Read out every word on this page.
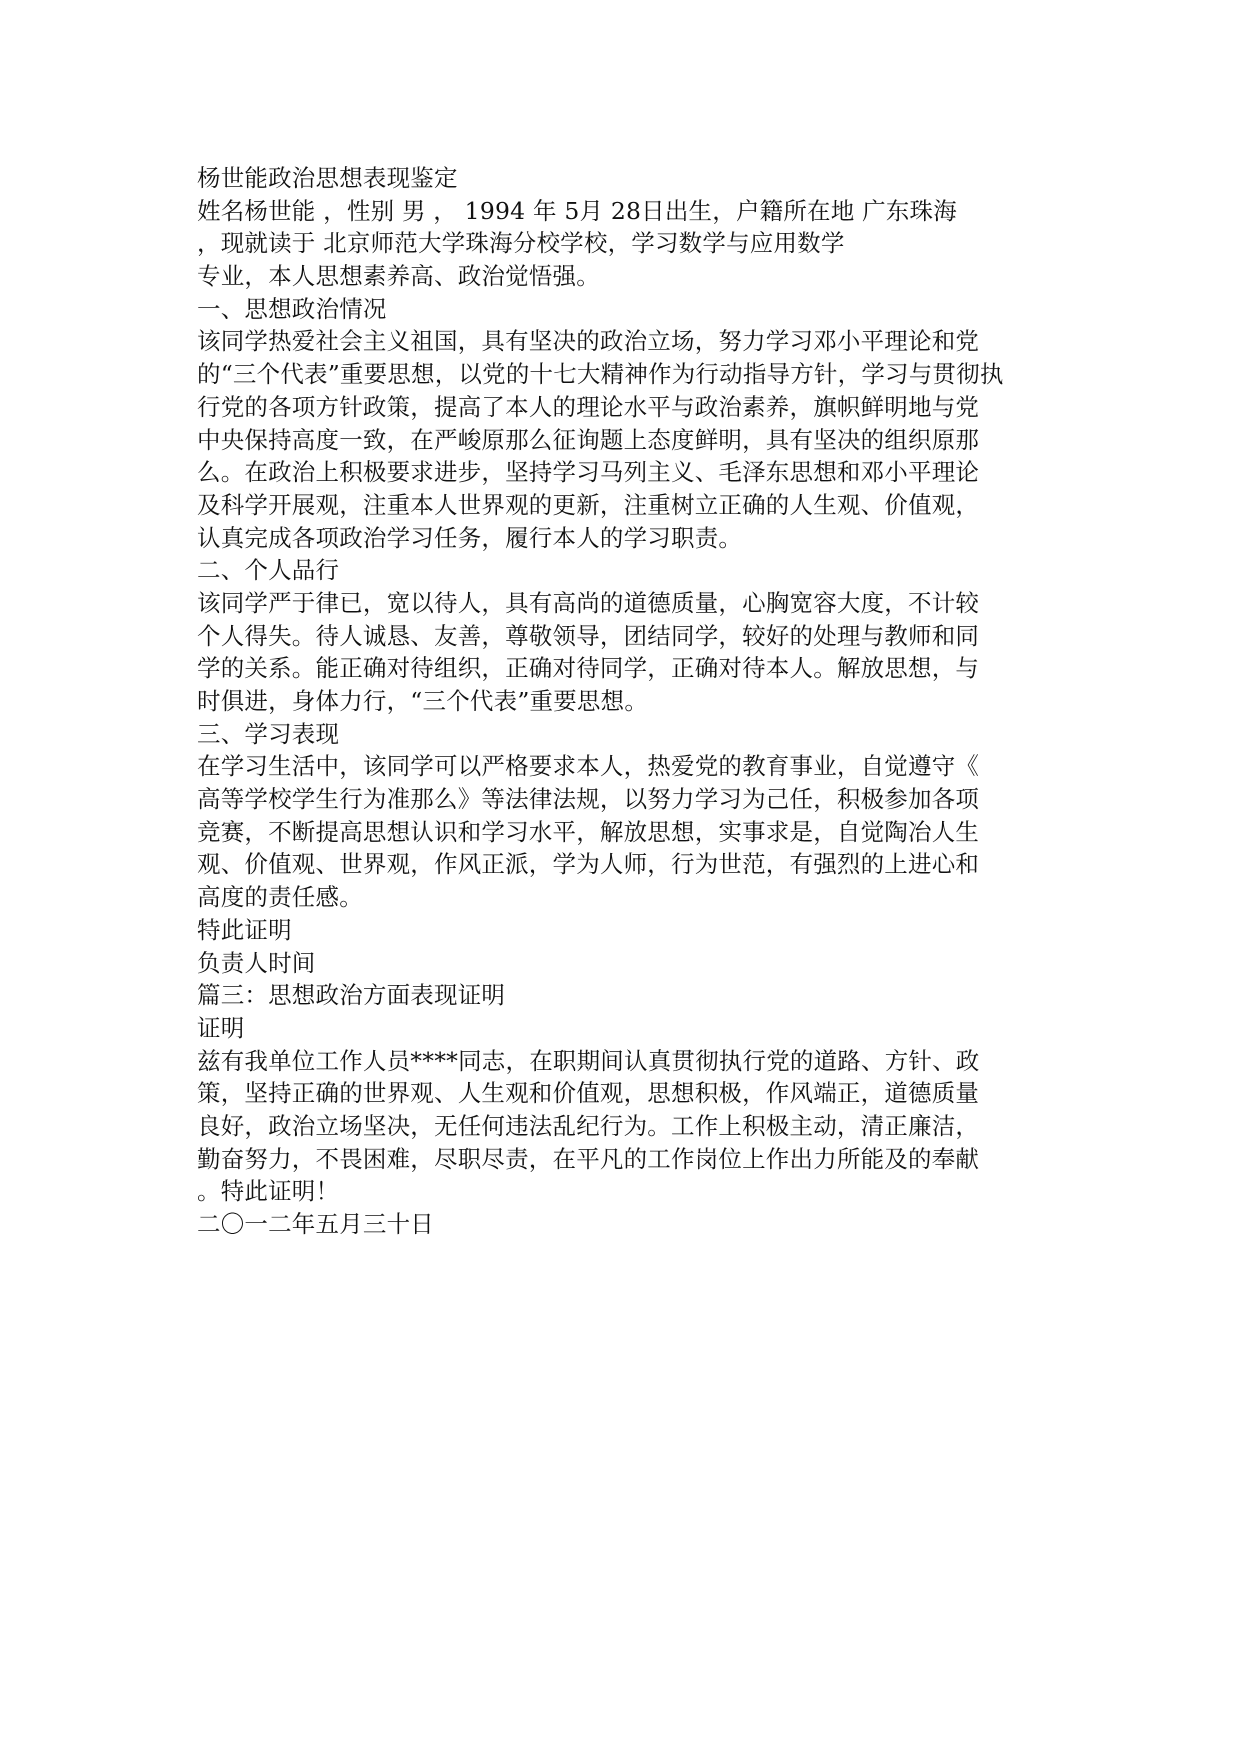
杨世能政治思想表现鉴定
姓名杨世能 ，性别 男 ， 1994 年 5月 28日出生，户籍所在地 广东珠海
，现就读于 北京师范大学珠海分校学校，学习数学与应用数学
专业，本人思想素养高、政治觉悟强。
一、思想政治情况
该同学热爱社会主义祖国，具有坚决的政治立场，努力学习邓小平理论和党
的“三个代表”重要思想，以党的十七大精神作为行动指导方针，学习与贯彻执
行党的各项方针政策，提高了本人的理论水平与政治素养，旗帜鲜明地与党
中央保持高度一致，在严峻原那么征询题上态度鲜明，具有坚决的组织原那
么。在政治上积极要求进步，坚持学习马列主义、毛泽东思想和邓小平理论
及科学开展观，注重本人世界观的更新，注重树立正确的人生观、价值观，
认真完成各项政治学习任务，履行本人的学习职责。
二、个人品行
该同学严于律已，宽以待人，具有高尚的道德质量，心胸宽容大度，不计较
个人得失。待人诚恳、友善，尊敬领导，团结同学，较好的处理与教师和同
学的关系。能正确对待组织，正确对待同学，正确对待本人。解放思想，与
时俱进，身体力行，“三个代表”重要思想。
三、学习表现
在学习生活中，该同学可以严格要求本人，热爱党的教育事业，自觉遵守《
高等学校学生行为准那么》等法律法规，以努力学习为己任，积极参加各项
竞赛，不断提高思想认识和学习水平，解放思想，实事求是，自觉陶冶人生
观、价值观、世界观，作风正派，学为人师，行为世范，有强烈的上进心和
高度的责任感。
特此证明
负责人时间
篇三：思想政治方面表现证明
证明
兹有我单位工作人员****同志，在职期间认真贯彻执行党的道路、方针、政
策，坚持正确的世界观、人生观和价值观，思想积极，作风端正，道德质量
良好，政治立场坚决，无任何违法乱纪行为。工作上积极主动，清正廉洁，
勤奋努力，不畏困难，尽职尽责，在平凡的工作岗位上作出力所能及的奉献
。特此证明！
二〇一二年五月三十日
